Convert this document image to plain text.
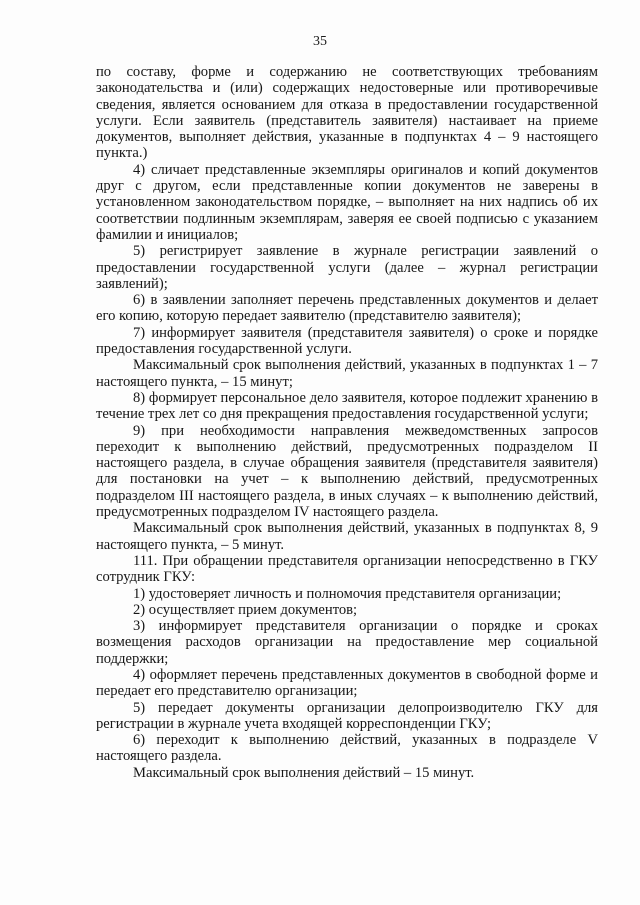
35

по составу, форме и содержанию не соответствующих требованиям законодательства и (или) содержащих недостоверные или противоречивые сведения, является основанием для отказа в предоставлении государственной услуги. Если заявитель (представитель заявителя) настаивает на приеме документов, выполняет действия, указанные в подпунктах 4 – 9 настоящего пункта.)

4) сличает представленные экземпляры оригиналов и копий документов друг с другом, если представленные копии документов не заверены в установленном законодательством порядке, – выполняет на них надпись об их соответствии подлинным экземплярам, заверяя ее своей подписью с указанием фамилии и инициалов;

5) регистрирует заявление в журнале регистрации заявлений о предоставлении государственной услуги (далее – журнал регистрации заявлений);

6) в заявлении заполняет перечень представленных документов и делает его копию, которую передает заявителю (представителю заявителя);

7) информирует заявителя (представителя заявителя) о сроке и порядке предоставления государственной услуги.

Максимальный срок выполнения действий, указанных в подпунктах 1 – 7 настоящего пункта, – 15 минут;

8) формирует персональное дело заявителя, которое подлежит хранению в течение трех лет со дня прекращения предоставления государственной услуги;

9) при необходимости направления межведомственных запросов переходит к выполнению действий, предусмотренных подразделом II настоящего раздела, в случае обращения заявителя (представителя заявителя) для постановки на учет – к выполнению действий, предусмотренных подразделом III настоящего раздела, в иных случаях – к выполнению действий, предусмотренных подразделом IV настоящего раздела.

Максимальный срок выполнения действий, указанных в подпунктах 8, 9 настоящего пункта, – 5 минут.

111. При обращении представителя организации непосредственно в ГКУ сотрудник ГКУ:

1) удостоверяет личность и полномочия представителя организации;

2) осуществляет прием документов;

3) информирует представителя организации о порядке и сроках возмещения расходов организации на предоставление мер социальной поддержки;

4) оформляет перечень представленных документов в свободной форме и передает его представителю организации;

5) передает документы организации делопроизводителю ГКУ для регистрации в журнале учета входящей корреспонденции ГКУ;

6) переходит к выполнению действий, указанных в подразделе V настоящего раздела.

Максимальный срок выполнения действий – 15 минут.
